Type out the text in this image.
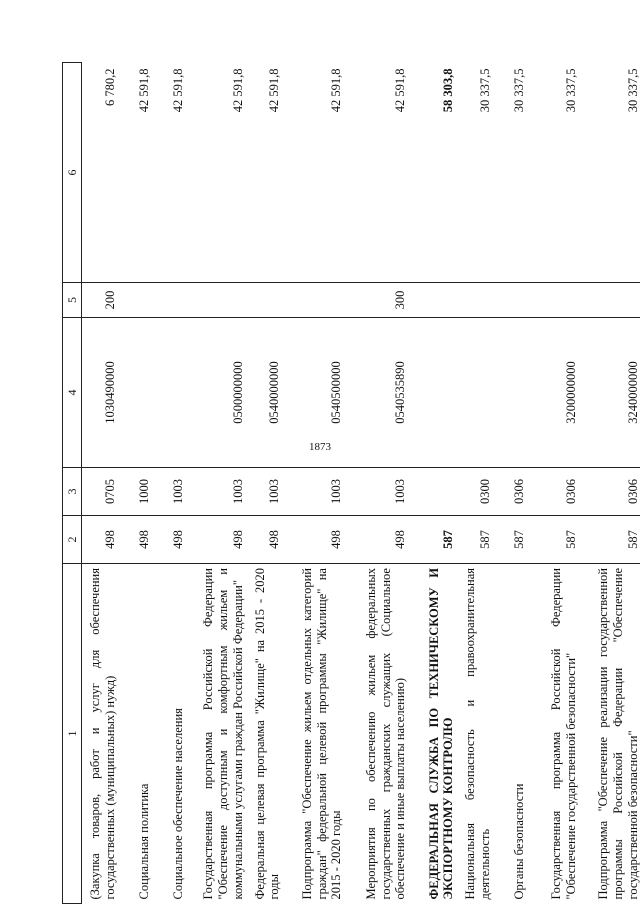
1873
1	2	3	4	5	6
(Закупка товаров, работ и услуг для обеспечения государственных (муниципальных) нужд)	498	0705	1030490000	200	6 780,2
Социальная политика	498	1000			42 591,8
Социальное обеспечение населения	498	1003			42 591,8
Государственная программа Российской Федерации "Обеспечение доступным и комфортным жильем и коммунальными услугами граждан Российской Федерации"	498	1003	0500000000		42 591,8
Федеральная целевая программа "Жилище" на 2015 - 2020 годы	498	1003	0540000000		42 591,8
Подпрограмма "Обеспечение жильем отдельных категорий граждан" федеральной целевой программы "Жилище" на 2015 - 2020 годы	498	1003	0540500000		42 591,8
Мероприятия по обеспечению жильем федеральных государственных гражданских служащих (Социальное обеспечение и иные выплаты населению)	498	1003	0540535890	300	42 591,8
ФЕДЕРАЛЬНАЯ СЛУЖБА ПО ТЕХНИЧЕСКОМУ И ЭКСПОРТНОМУ КОНТРОЛЮ	587				58 303,8
Национальная безопасность и правоохранительная деятельность	587	0300			30 337,5
Органы безопасности	587	0306			30 337,5
Государственная программа Российской Федерации "Обеспечение государственной безопасности"	587	0306	3200000000		30 337,5
Подпрограмма "Обеспечение реализации государственной программы Российской Федерации "Обеспечение государственной безопасности"	587	0306	3240000000		30 337,5
